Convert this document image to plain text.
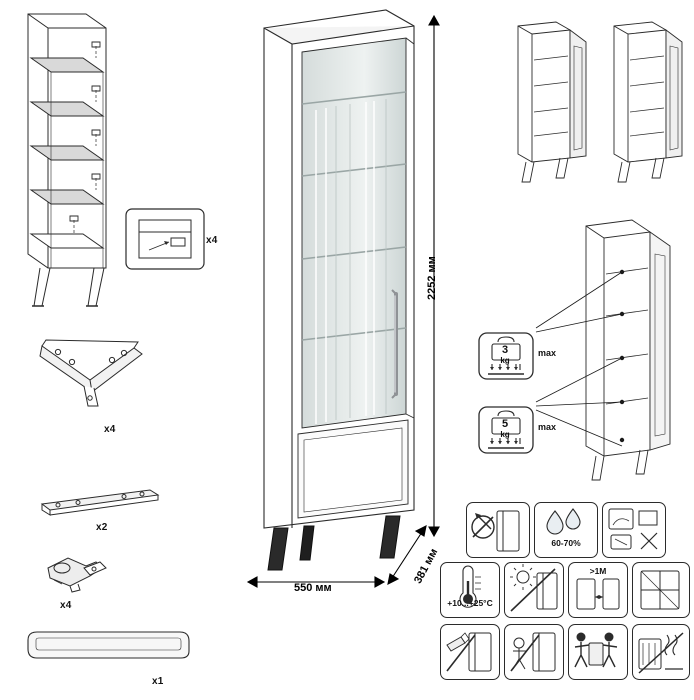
x4
x4
x2
x4
x1
2252 мм
550 мм
381 мм
3
kg
max
5
kg
max
60-70%
+10...+25°C
>1М
